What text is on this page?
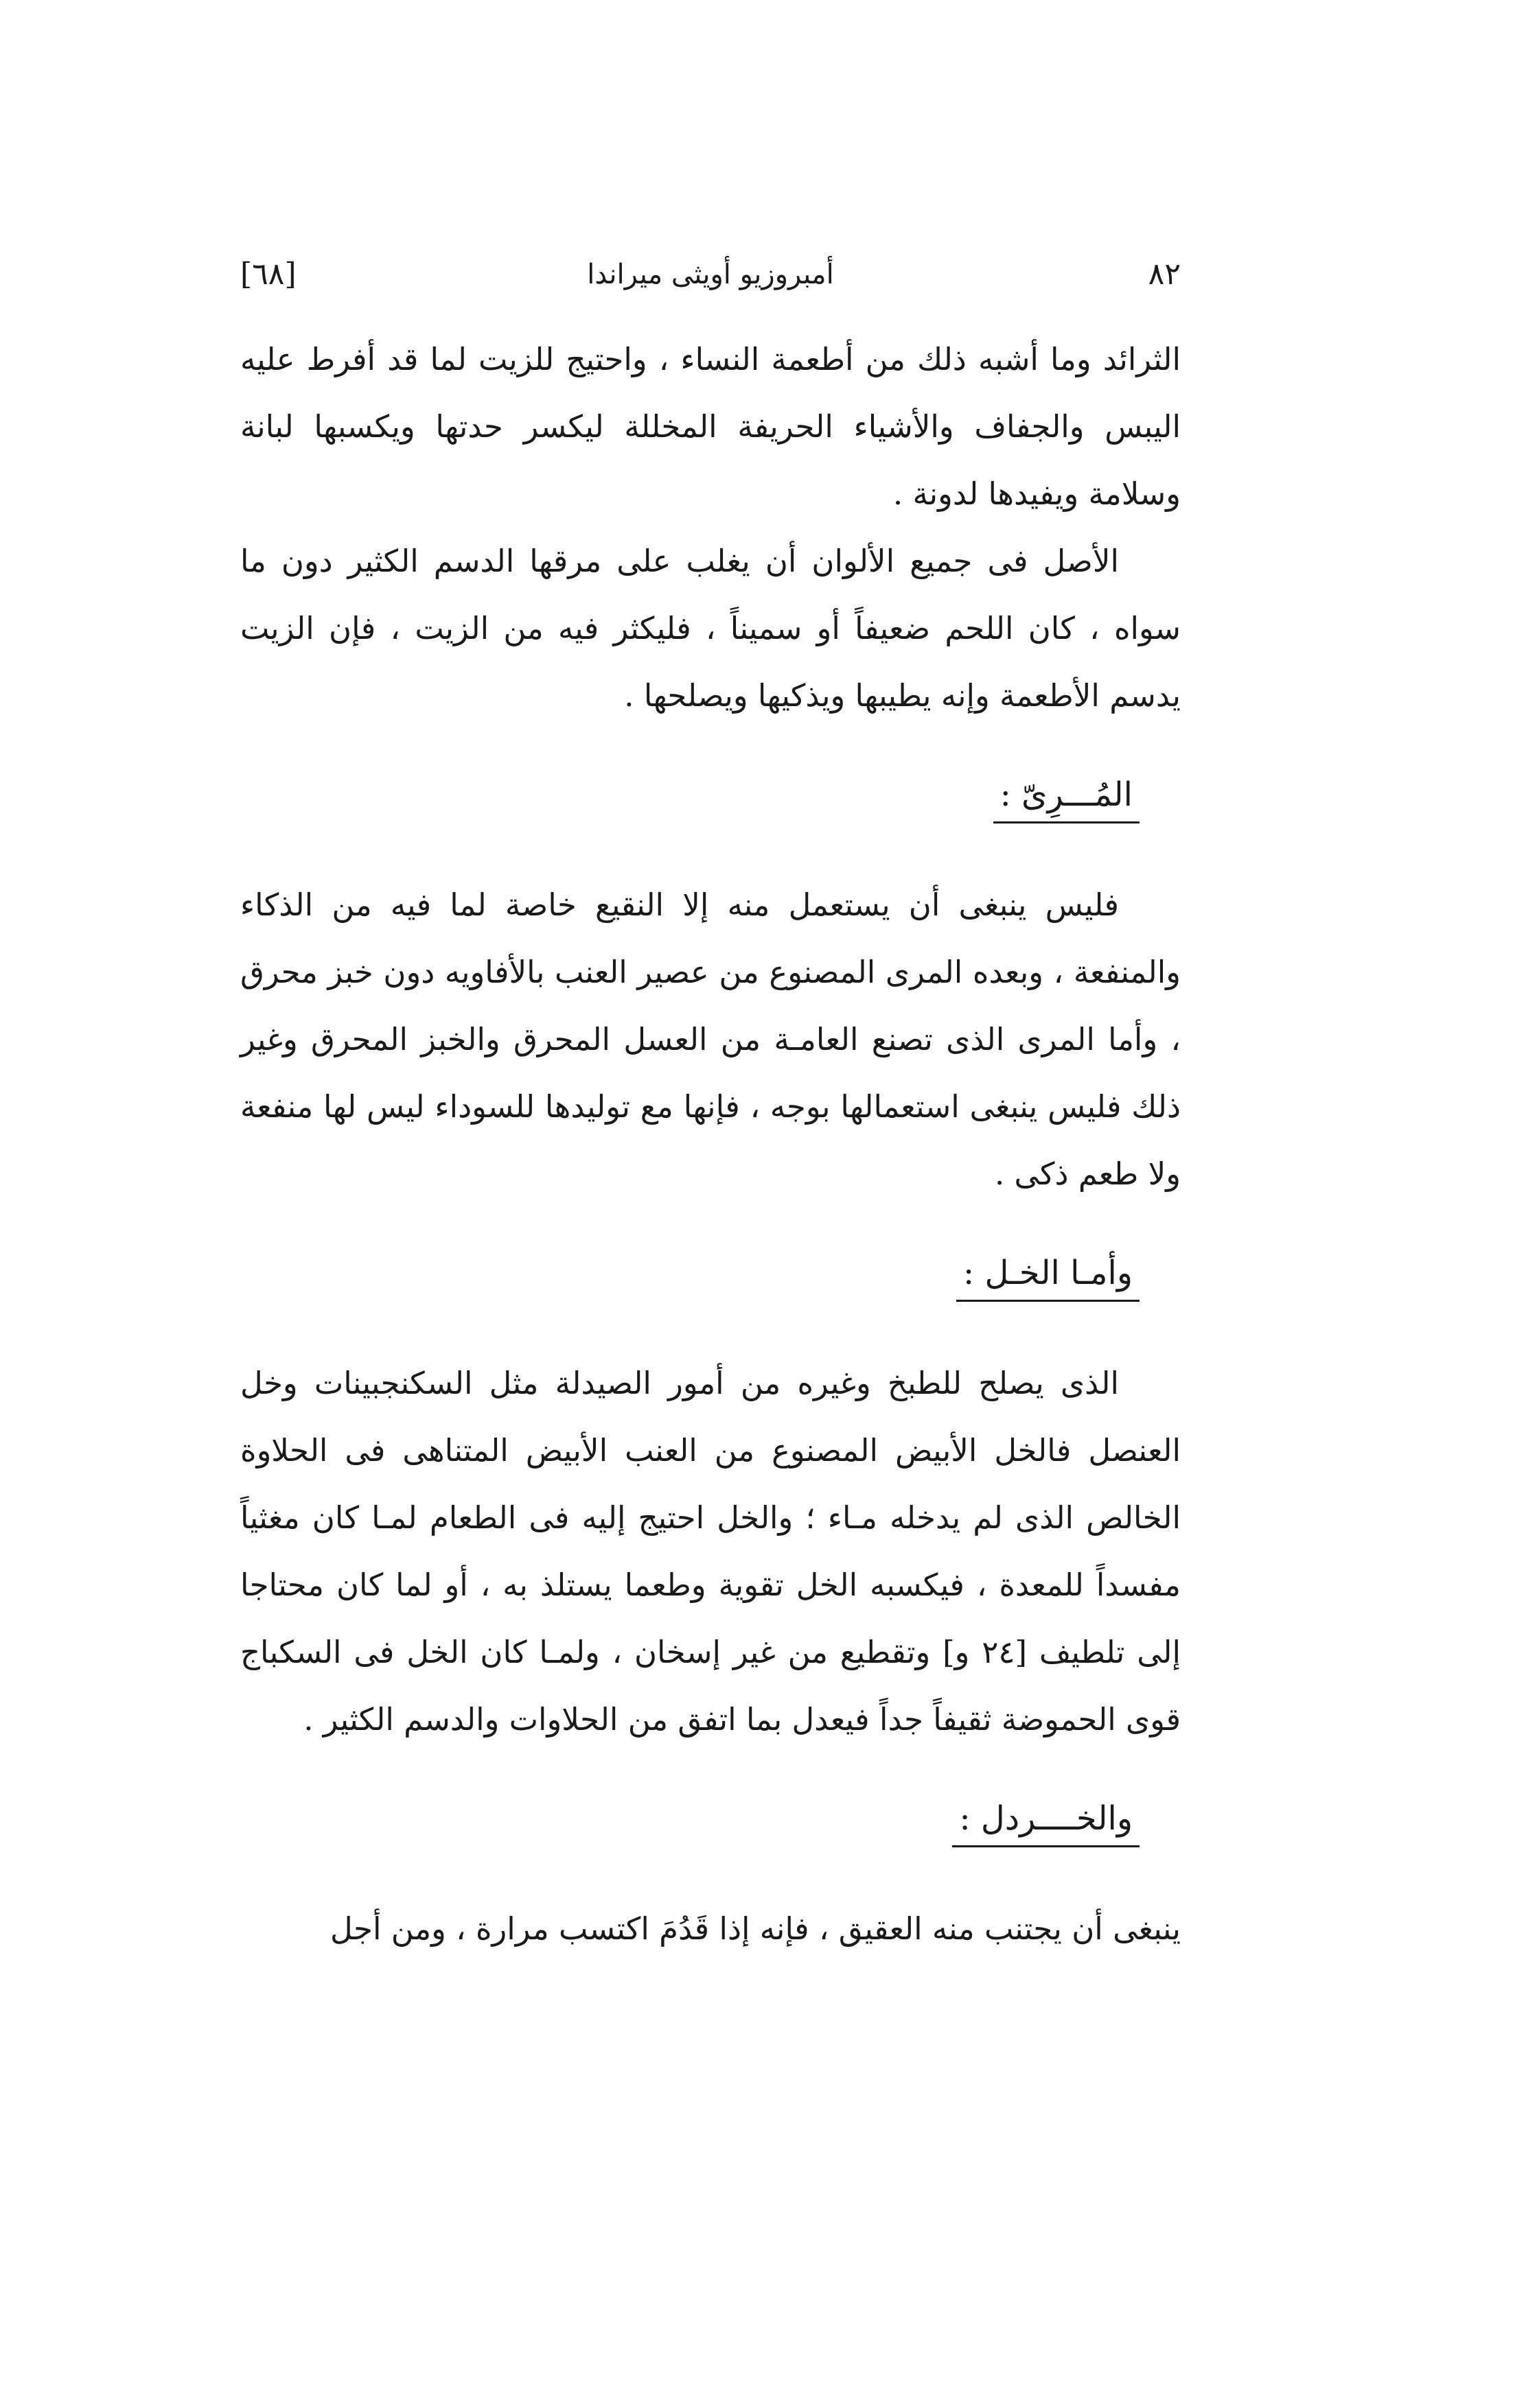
٨٢
أمبروزيو أويثى ميراندا
[٦٨]

الثرائد وما أشبه ذلك من أطعمة النساء ، واحتيج للزيت لما قد أفرط عليه اليبس والجفاف والأشياء الحريفة المخللة ليكسر حدتها ويكسبها لبانة وسلامة ويفيدها لدونة .

الأصل فى جميع الألوان أن يغلب على مرقها الدسم الكثير دون ما سواه ، كان اللحم ضعيفاً أو سميناً ، فليكثر فيه من الزيت ، فإن الزيت يدسم الأطعمة وإنه يطيبها ويذكيها ويصلحها .

المُـــرِىّ :

فليس ينبغى أن يستعمل منه إلا النقيع خاصة لما فيه من الذكاء والمنفعة ، وبعده المرى المصنوع من عصير العنب بالأفاويه دون خبز محرق ، وأما المرى الذى تصنع العامـة من العسل المحرق والخبز المحرق وغير ذلك فليس ينبغى استعمالها بوجه ، فإنها مع توليدها للسوداء ليس لها منفعة ولا طعم ذكى .

وأمـا الخـل :

الذى يصلح للطبخ وغيره من أمور الصيدلة مثل السكنجبينات وخل العنصل فالخل الأبيض المصنوع من العنب الأبيض المتناهى فى الحلاوة الخالص الذى لم يدخله مـاء ؛ والخل احتيج إليه فى الطعام لمـا كان مغثياً مفسداً للمعدة ، فيكسبه الخل تقوية وطعما يستلذ به ، أو لما كان محتاجا إلى تلطيف [٢٤ و] وتقطيع من غير إسخان ، ولمـا كان الخل فى السكباج قوى الحموضة ثقيفاً جداً فيعدل بما اتفق من الحلاوات والدسم الكثير .

والخــــردل :

ينبغى أن يجتنب منه العقيق ، فإنه إذا قَدُمَ اكتسب مرارة ، ومن أجل
